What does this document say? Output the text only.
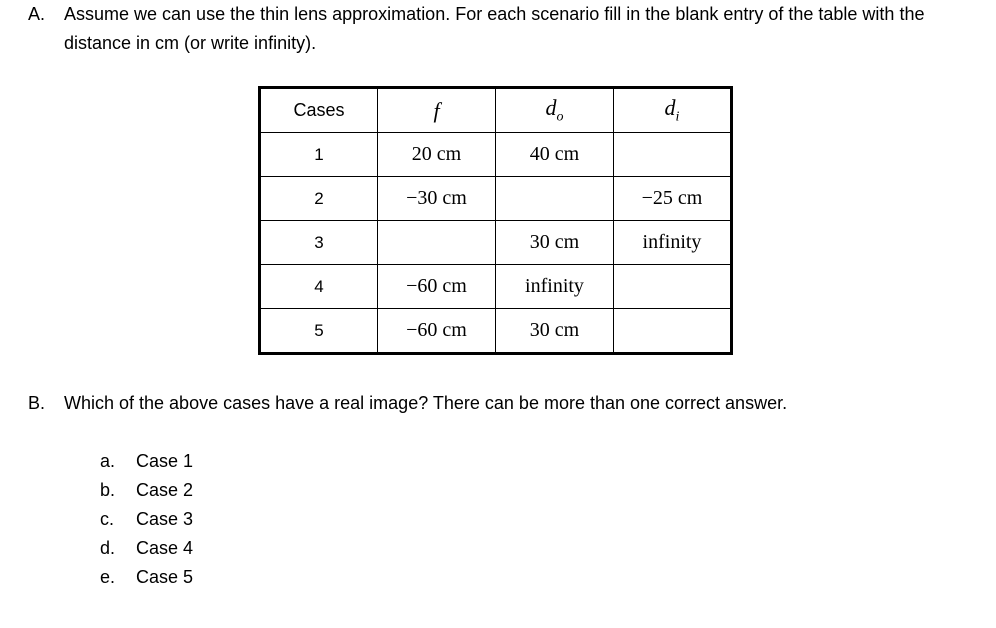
A.	Assume we can use the thin lens approximation. For each scenario fill in the blank entry of the table with the distance in cm (or write infinity).
Cases	f	$d_o$	$d_i$
1	20 cm	40 cm	
2	−30 cm		−25 cm
3		30 cm	infinity
4	−60 cm	infinity	
5	−60 cm	30 cm	
B.	Which of the above cases have a real image? There can be more than one correct answer.
a.	Case 1
b.	Case 2
c.	Case 3
d.	Case 4
e.	Case 5
